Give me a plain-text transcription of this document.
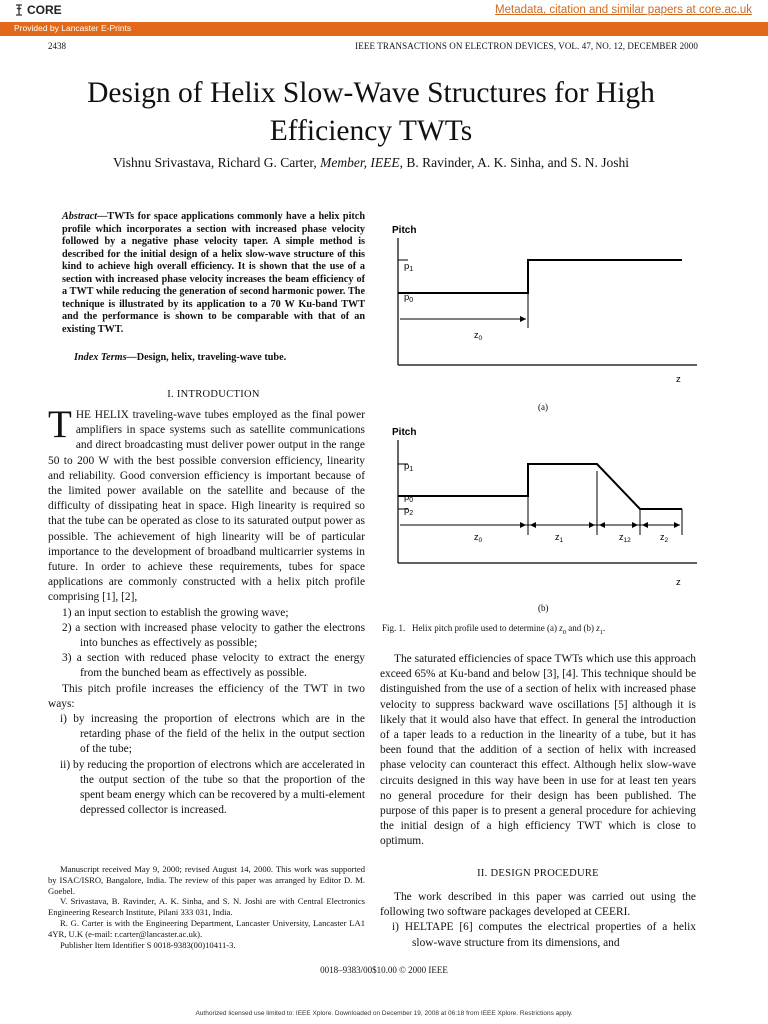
CORE	Metadata, citation and similar papers at core.ac.uk
Provided by Lancaster E-Prints
2438	IEEE TRANSACTIONS ON ELECTRON DEVICES, VOL. 47, NO. 12, DECEMBER 2000
Design of Helix Slow-Wave Structures for High Efficiency TWTs
Vishnu Srivastava, Richard G. Carter, Member, IEEE, B. Ravinder, A. K. Sinha, and S. N. Joshi
Abstract—TWTs for space applications commonly have a helix pitch profile which incorporates a section with increased phase velocity followed by a negative phase velocity taper. A simple method is described for the initial design of a helix slow-wave structure of this kind to achieve high overall efficiency. It is shown that the use of a section with increased phase velocity increases the beam efficiency of a TWT while reducing the generation of second harmonic power. The technique is illustrated by its application to a 70 W Ku-band TWT and the performance is shown to be comparable with that of an existing TWT.
Index Terms—Design, helix, traveling-wave tube.
I. INTRODUCTION

THE HELIX traveling-wave tubes employed as the final power amplifiers in space systems such as satellite communications and direct broadcasting must deliver power output in the range 50 to 200 W with the best possible conversion efficiency, linearity and reliability. Good conversion efficiency is important because of the limited power available on the satellite and because of the difficulty of dissipating heat in space. High linearity is required so that the tube can be operated as close to its saturated output power as possible. The achievement of high linearity will be of particular importance to the development of broadband multicarrier systems in future. In order to achieve these requirements, tubes for space applications are commonly constructed with a helix pitch profile comprising [1], [2],

1) an input section to establish the growing wave;

2) a section with increased phase velocity to gather the electrons into bunches as effectively as possible;

3) a section with reduced phase velocity to extract the energy from the bunched beam as effectively as possible.

This pitch profile increases the efficiency of the TWT in two ways:

i) by increasing the proportion of electrons which are in the retarding phase of the field of the helix in the output section of the tube;

ii) by reducing the proportion of electrons which are accelerated in the output section of the tube so that the proportion of the spent beam energy which can be recovered by a multi-element depressed collector is increased.

Manuscript received May 9, 2000; revised August 14, 2000. This work was supported by ISAC/ISRO, Bangalore, India. The review of this paper was arranged by Editor D. M. Goebel.

V. Srivastava, B. Ravinder, A. K. Sinha, and S. N. Joshi are with Central Electronics Engineering Research Institute, Pilani 333 031, India.

R. G. Carter is with the Engineering Department, Lancaster University, Lancaster LA1 4YR, U.K (e-mail: r.carter@lancaster.ac.uk).

Publisher Item Identifier S 0018-9383(00)10411-3.

Pitch
$p_1$
$p_0$
$z_0$
z
(a)
Pitch
$p_1$
$p_0$
$p_2$
$z_0$	$z_1$	$z_{12}$	$z_2$
z
(b)
Fig. 1.   Helix pitch profile used to determine (a) $z_0$ and (b) $z_1$.

The saturated efficiencies of space TWTs which use this approach exceed 65% at Ku-band and below [3], [4]. This technique should be distinguished from the use of a section of helix with increased phase velocity to suppress backward wave oscillations [5] although it is likely that it would also have that effect. In general the introduction of a taper leads to a reduction in the linearity of a tube, but it has been found that the addition of a section of helix with increased phase velocity can counteract this effect. Although helix slow-wave circuits designed in this way have been in use for at least ten years no general procedure for their design has been published. The purpose of this paper is to present a general procedure for achieving the initial design of a high efficiency TWT which is close to optimum.

II. DESIGN PROCEDURE

The work described in this paper was carried out using the following two software packages developed at CEERI.

i) HELTAPE [6] computes the electrical properties of a helix slow-wave structure from its dimensions, and

0018–9383/00$10.00 © 2000 IEEE
Authorized licensed use limited to: IEEE Xplore. Downloaded on December 19, 2008 at 06:18 from IEEE Xplore. Restrictions apply.
